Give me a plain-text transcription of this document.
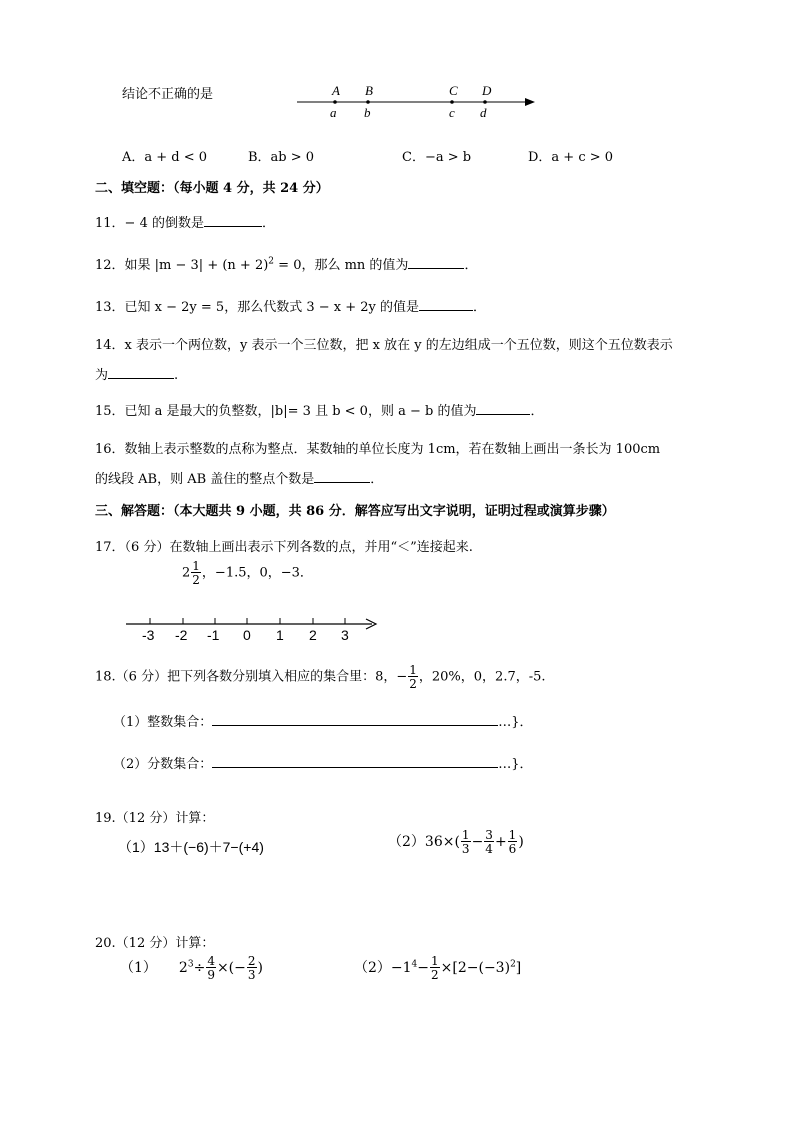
结论不正确的是	A B	C D
a b	c d
A．a + d < 0	B．ab > 0	C．−a > b	D．a + c > 0
二、填空题：（每小题 4 分，共 24 分）
11．− 4 的倒数是	．
12．如果 $|m - 3| + (n + 2)^2 = 0$，那么 mn 的值为	．
13．已知 x − 2y = 5，那么代数式 3 − x + 2y 的值是	．
14．x 表示一个两位数，y 表示一个三位数，把 x 放在 y 的左边组成一个五位数，则这个五位数表示
为	.
15．已知 a 是最大的负整数，|b|= 3 且 b < 0，则 a − b 的值为	．
16．数轴上表示整数的点称为整点．某数轴的单位长度为 1cm，若在数轴上画出一条长为 100cm
的线段 AB，则 AB 盖住的整点个数是	．
三、解答题：（本大题共 9 小题，共 86 分．解答应写出文字说明，证明过程或演算步骤）
17．（6 分）在数轴上画出表示下列各数的点，并用“＜”连接起来.
$2 \frac{1}{2}$ ，−1.5，0，−3．
-3 -2 -1 0 1 2 3
18.（6 分）把下列各数分别填入相应的集合里：8，− $\frac{1}{2}$ ，20%，0，2.7，-5.
（1）整数集合：	…}．
（2）分数集合：	…}．
19.（12 分）计算：
（1）13＋(−6)＋7−(+4)	$(2)36\times( \frac{1}{3} - \frac{3}{4} + \frac{1}{6}$ )
20.（12 分）计算：
（1） $2^3\div \frac{4}{9}$ ×(− $\frac{2}{3}$ )	$(2)-1^4- \frac{1}{2} \times[2-(-3)^2]$
